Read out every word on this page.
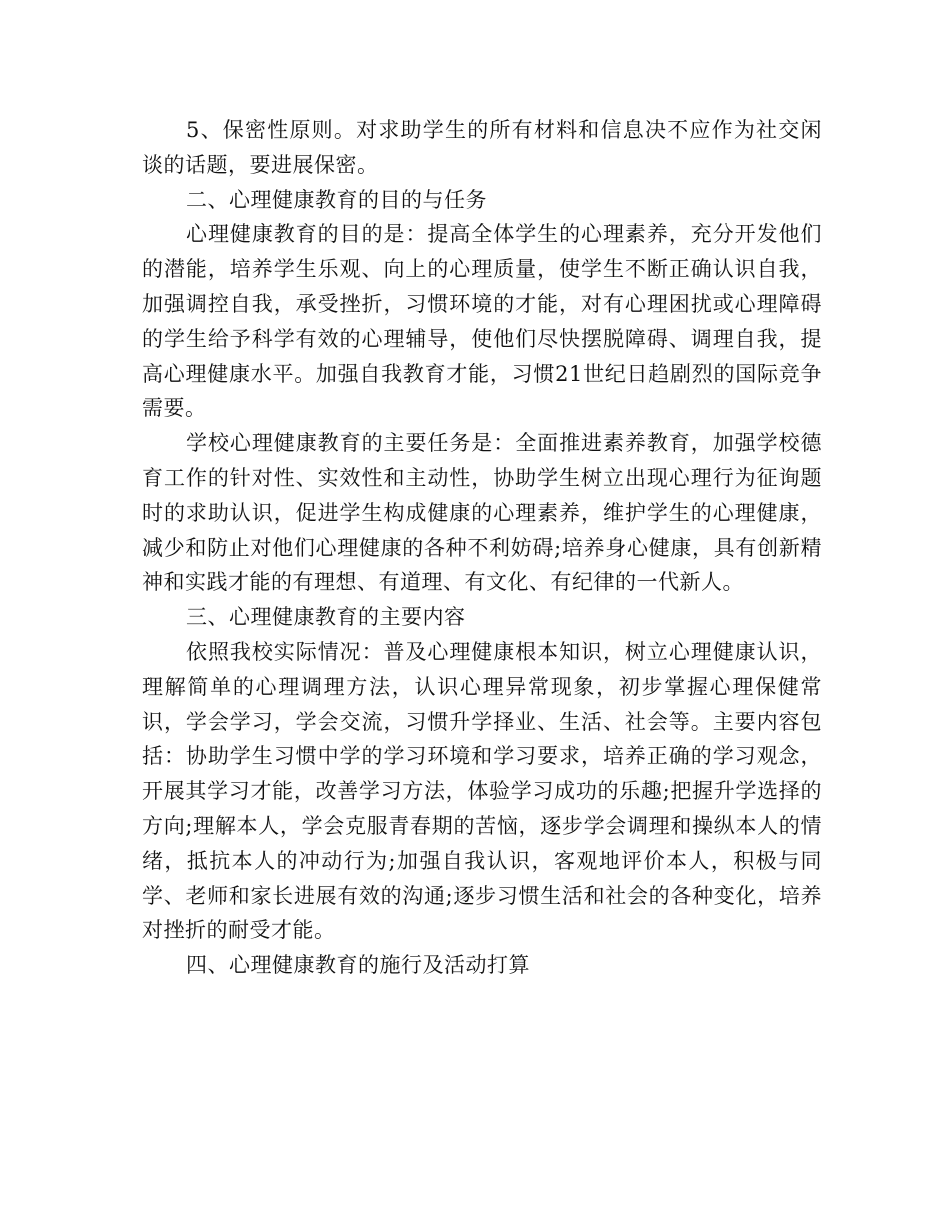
5、保密性原则。对求助学生的所有材料和信息决不应作为社交闲谈的话题，要进展保密。

二、心理健康教育的目的与任务

心理健康教育的目的是：提高全体学生的心理素养，充分开发他们的潜能，培养学生乐观、向上的心理质量，使学生不断正确认识自我，加强调控自我，承受挫折，习惯环境的才能，对有心理困扰或心理障碍的学生给予科学有效的心理辅导，使他们尽快摆脱障碍、调理自我，提高心理健康水平。加强自我教育才能，习惯21世纪日趋剧烈的国际竞争需要。

学校心理健康教育的主要任务是：全面推进素养教育，加强学校德育工作的针对性、实效性和主动性，协助学生树立出现心理行为征询题时的求助认识，促进学生构成健康的心理素养，维护学生的心理健康，减少和防止对他们心理健康的各种不利妨碍;培养身心健康，具有创新精神和实践才能的有理想、有道理、有文化、有纪律的一代新人。

三、心理健康教育的主要内容

依照我校实际情况：普及心理健康根本知识，树立心理健康认识，理解简单的心理调理方法，认识心理异常现象，初步掌握心理保健常识，学会学习，学会交流，习惯升学择业、生活、社会等。主要内容包括：协助学生习惯中学的学习环境和学习要求，培养正确的学习观念，开展其学习才能，改善学习方法，体验学习成功的乐趣;把握升学选择的方向;理解本人，学会克服青春期的苦恼，逐步学会调理和操纵本人的情绪，抵抗本人的冲动行为;加强自我认识，客观地评价本人，积极与同学、老师和家长进展有效的沟通;逐步习惯生活和社会的各种变化，培养对挫折的耐受才能。

四、心理健康教育的施行及活动打算
